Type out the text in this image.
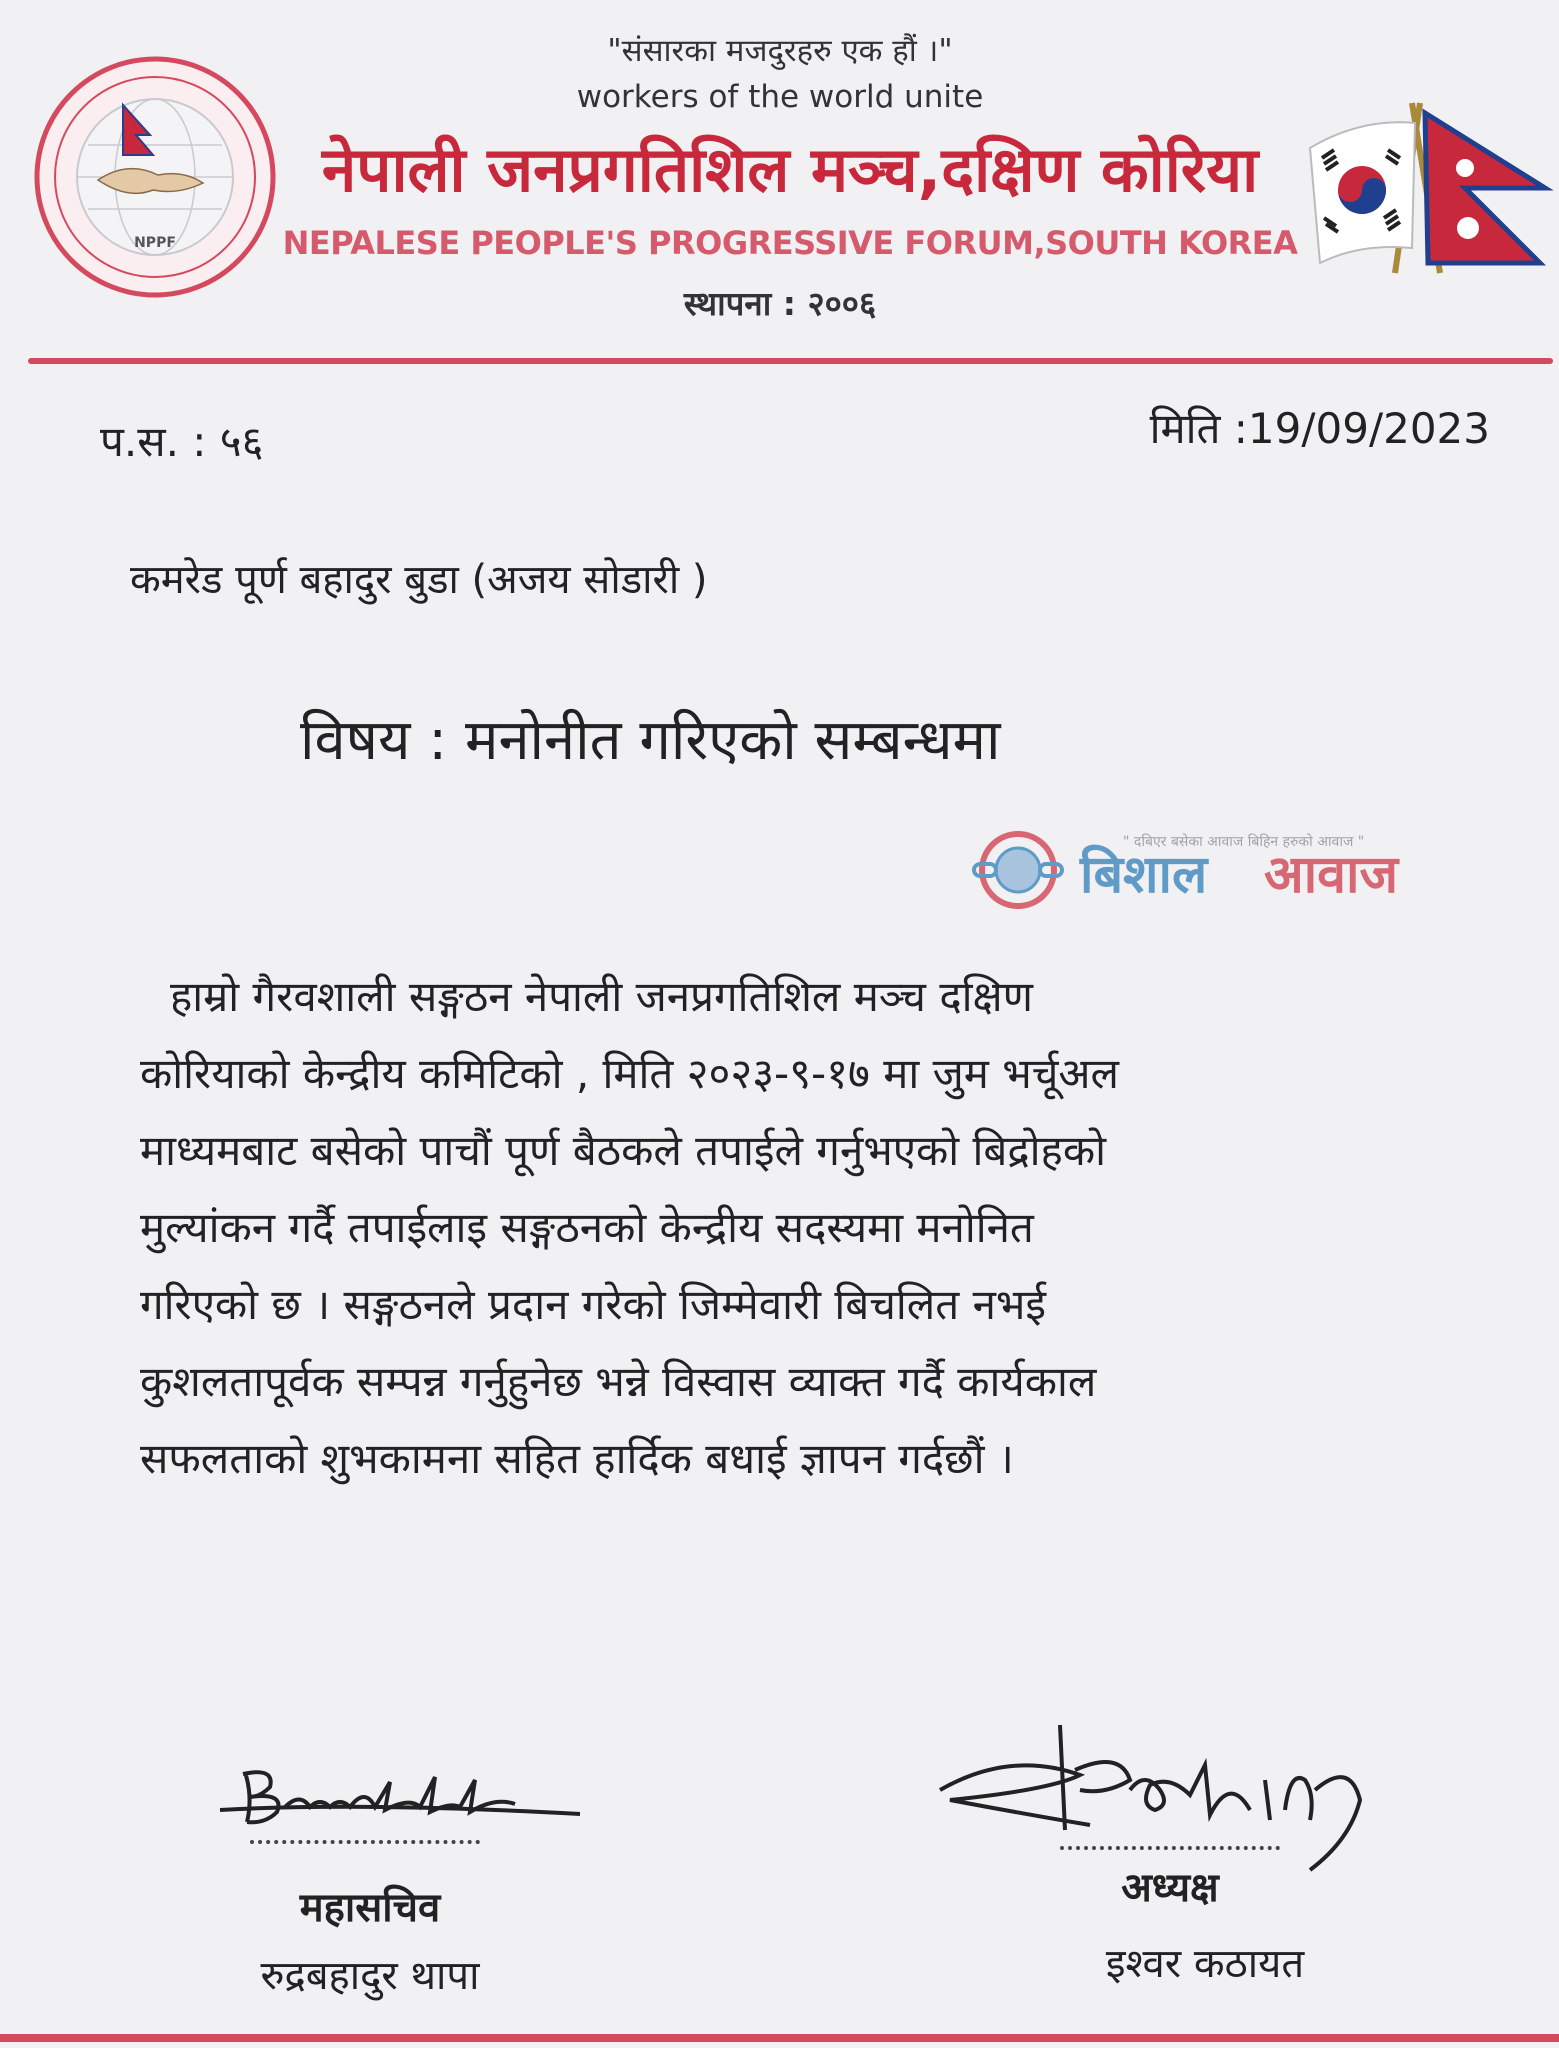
NPPF
"संसारका मजदुरहरु एक हौं ।"
workers of the world unite
नेपाली जनप्रगतिशिल मञ्च,दक्षिण कोरिया
NEPALESE PEOPLE'S PROGRESSIVE FORUM,SOUTH KOREA
स्थापना : २००६
प.स. : ५६	मिति :19/09/2023
कमरेड पूर्ण बहादुर बुडा (अजय सोडारी )
विषय : मनोनीत गरिएको सम्बन्धमा
" दबिएर बसेका आवाज बिहिन हरुको आवाज "
बिशाल आवाज
हाम्रो गैरवशाली सङ्गठन नेपाली जनप्रगतिशिल मञ्च दक्षिण
कोरियाको केन्द्रीय कमिटिको , मिति २०२३-९-१७ मा जुम भर्चूअल
माध्यमबाट बसेको पाचौं पूर्ण बैठकले तपाईले गर्नुभएको बिद्रोहको
मुल्यांकन गर्दै तपाईलाइ सङ्गठनको केन्द्रीय सदस्यमा मनोनित
गरिएको छ । सङ्गठनले प्रदान गरेको जिम्मेवारी बिचलित नभई
कुशलतापूर्वक सम्पन्न गर्नुहुनेछ भन्ने विस्वास व्याक्त गर्दै कार्यकाल
सफलताको शुभकामना सहित हार्दिक बधाई ज्ञापन गर्दछौं ।
महासचिव
रुद्रबहादुर थापा
अध्यक्ष
इश्वर कठायत
